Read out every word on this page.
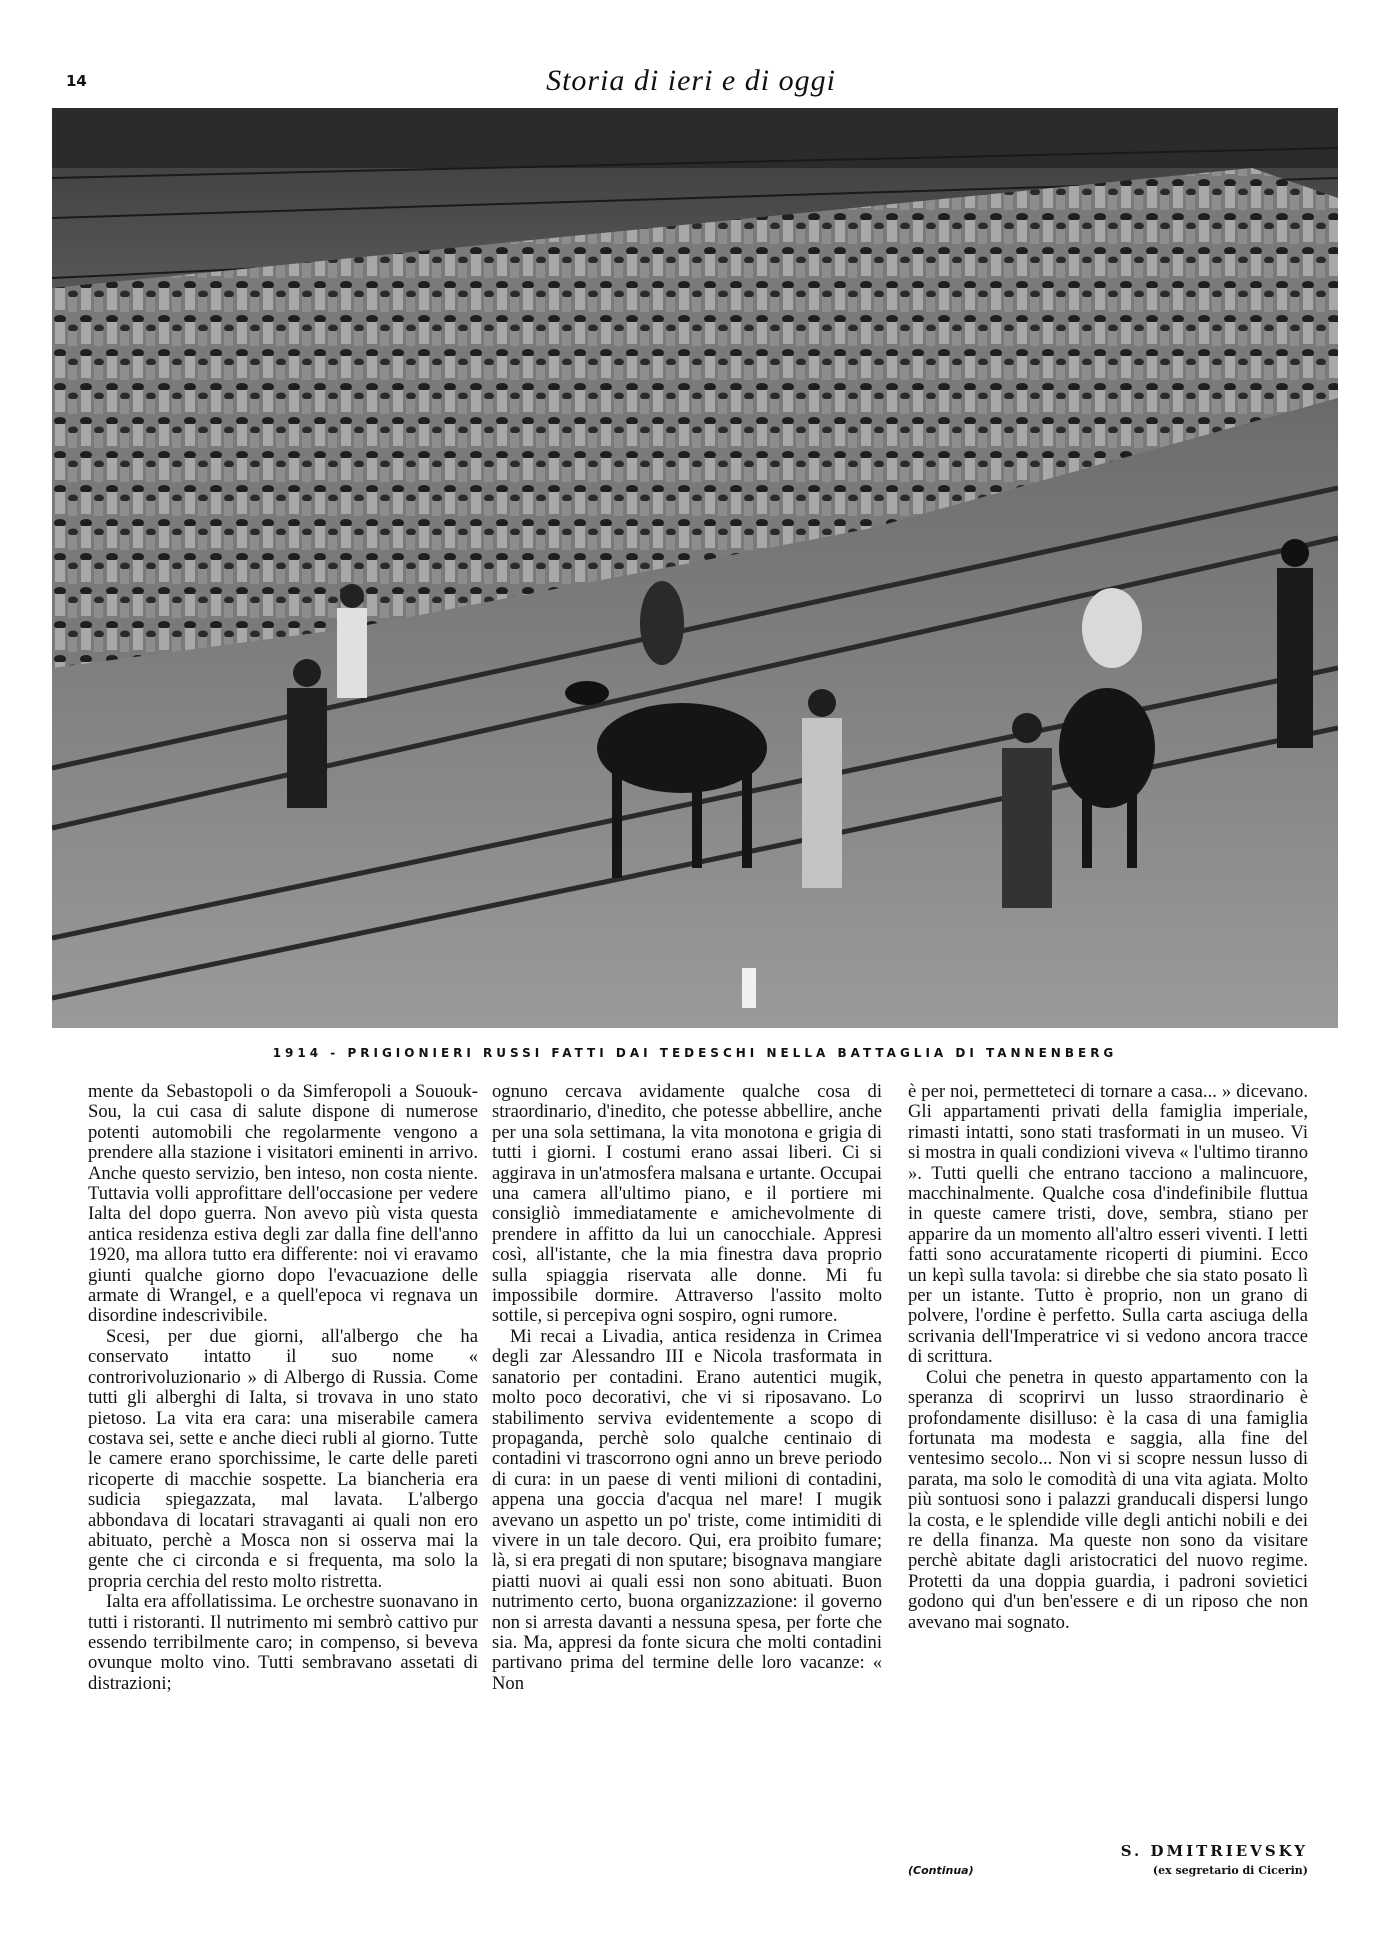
14	Storia di ieri e di oggi
1914 - PRIGIONIERI RUSSI FATTI DAI TEDESCHI NELLA BATTAGLIA DI TANNENBERG

mente da Sebastopoli o da Simferopoli a Sououk-Sou, la cui casa di salute dispone di numerose potenti automobili che regolarmente vengono a prendere alla stazione i visitatori eminenti in arrivo. Anche questo servizio, ben inteso, non costa niente. Tuttavia volli approfittare dell'occasione per vedere Ialta del dopo guerra. Non avevo più vista questa antica residenza estiva degli zar dalla fine dell'anno 1920, ma allora tutto era differente: noi vi eravamo giunti qualche giorno dopo l'evacuazione delle armate di Wrangel, e a quell'epoca vi regnava un disordine indescrivibile.

Scesi, per due giorni, all'albergo che ha conservato intatto il suo nome « controrivoluzionario » di Albergo di Russia. Come tutti gli alberghi di Ialta, si trovava in uno stato pietoso. La vita era cara: una miserabile camera costava sei, sette e anche dieci rubli al giorno. Tutte le camere erano sporchissime, le carte delle pareti ricoperte di macchie sospette. La biancheria era sudicia spiegazzata, mal lavata. L'albergo abbondava di locatari stravaganti ai quali non ero abituato, perchè a Mosca non si osserva mai la gente che ci circonda e si frequenta, ma solo la propria cerchia del resto molto ristretta.

Ialta era affollatissima. Le orchestre suonavano in tutti i ristoranti. Il nutrimento mi sembrò cattivo pur essendo terribilmente caro; in compenso, si beveva ovunque molto vino. Tutti sembravano assetati di distrazioni;

ognuno cercava avidamente qualche cosa di straordinario, d'inedito, che potesse abbellire, anche per una sola settimana, la vita monotona e grigia di tutti i giorni. I costumi erano assai liberi. Ci si aggirava in un'atmosfera malsana e urtante. Occupai una camera all'ultimo piano, e il portiere mi consigliò immediatamente e amichevolmente di prendere in affitto da lui un canocchiale. Appresi così, all'istante, che la mia finestra dava proprio sulla spiaggia riservata alle donne. Mi fu impossibile dormire. Attraverso l'assito molto sottile, si percepiva ogni sospiro, ogni rumore.

Mi recai a Livadia, antica residenza in Crimea degli zar Alessandro III e Nicola trasformata in sanatorio per contadini. Erano autentici mugik, molto poco decorativi, che vi si riposavano. Lo stabilimento serviva evidentemente a scopo di propaganda, perchè solo qualche centinaio di contadini vi trascorrono ogni anno un breve periodo di cura: in un paese di venti milioni di contadini, appena una goccia d'acqua nel mare! I mugik avevano un aspetto un po' triste, come intimiditi di vivere in un tale decoro. Qui, era proibito fumare; là, si era pregati di non sputare; bisognava mangiare piatti nuovi ai quali essi non sono abituati. Buon nutrimento certo, buona organizzazione: il governo non si arresta davanti a nessuna spesa, per forte che sia. Ma, appresi da fonte sicura che molti contadini partivano prima del termine delle loro vacanze: « Non

è per noi, permetteteci di tornare a casa... » dicevano. Gli appartamenti privati della famiglia imperiale, rimasti intatti, sono stati trasformati in un museo. Vi si mostra in quali condizioni viveva « l'ultimo tiranno ». Tutti quelli che entrano tacciono a malincuore, macchinalmente. Qualche cosa d'indefinibile fluttua in queste camere tristi, dove, sembra, stiano per apparire da un momento all'altro esseri viventi. I letti fatti sono accuratamente ricoperti di piumini. Ecco un kepì sulla tavola: si direbbe che sia stato posato lì per un istante. Tutto è proprio, non un grano di polvere, l'ordine è perfetto. Sulla carta asciuga della scrivania dell'Imperatrice vi si vedono ancora tracce di scrittura.

Colui che penetra in questo appartamento con la speranza di scoprirvi un lusso straordinario è profondamente disilluso: è la casa di una famiglia fortunata ma modesta e saggia, alla fine del ventesimo secolo... Non vi si scopre nessun lusso di parata, ma solo le comodità di una vita agiata. Molto più sontuosi sono i palazzi granducali dispersi lungo la costa, e le splendide ville degli antichi nobili e dei re della finanza. Ma queste non sono da visitare perchè abitate dagli aristocratici del nuovo regime. Protetti da una doppia guardia, i padroni sovietici godono qui d'un ben'essere e di un riposo che non avevano mai sognato.

(Continua)
S. DMITRIEVSKY
(ex segretario di Cicerin)
